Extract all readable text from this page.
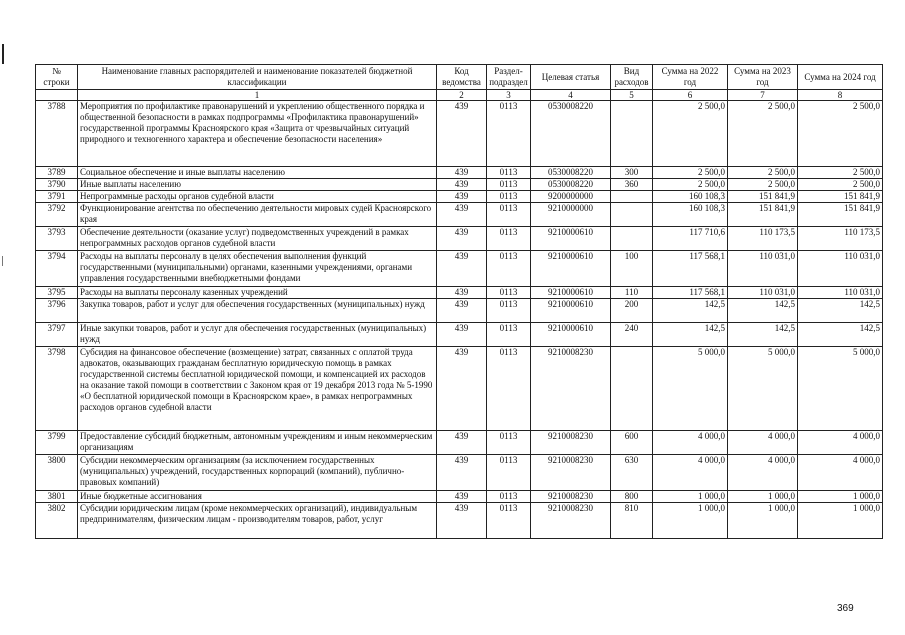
№ строки	Наименование главных распорядителей и наименование показателей бюджетной классификации	Код ведомства	Раздел-подраздел	Целевая статья	Вид расходов	Сумма на 2022 год	Сумма на 2023 год	Сумма на 2024 год
	1	2	3	4	5	6	7	8
3788	Мероприятия по профилактике правонарушений и укреплению общественного порядка и общественной безопасности в рамках подпрограммы «Профилактика правонарушений» государственной программы Красноярского края «Защита от чрезвычайных ситуаций природного и техногенного характера и обеспечение безопасности населения»	439	0113	0530008220		2 500,0	2 500,0	2 500,0
3789	Социальное обеспечение и иные выплаты населению	439	0113	0530008220	300	2 500,0	2 500,0	2 500,0
3790	Иные выплаты населению	439	0113	0530008220	360	2 500,0	2 500,0	2 500,0
3791	Непрограммные расходы органов судебной власти	439	0113	9200000000		160 108,3	151 841,9	151 841,9
3792	Функционирование агентства по обеспечению деятельности мировых судей Красноярского края	439	0113	9210000000		160 108,3	151 841,9	151 841,9
3793	Обеспечение деятельности (оказание услуг) подведомственных учреждений в рамках непрограммных расходов органов судебной власти	439	0113	9210000610		117 710,6	110 173,5	110 173,5
3794	Расходы на выплаты персоналу в целях обеспечения выполнения функций государственными (муниципальными) органами, казенными учреждениями, органами управления государственными внебюджетными фондами	439	0113	9210000610	100	117 568,1	110 031,0	110 031,0
3795	Расходы на выплаты персоналу казенных учреждений	439	0113	9210000610	110	117 568,1	110 031,0	110 031,0
3796	Закупка товаров, работ и услуг для обеспечения государственных (муниципальных) нужд	439	0113	9210000610	200	142,5	142,5	142,5
3797	Иные закупки товаров, работ и услуг для обеспечения государственных (муниципальных) нужд	439	0113	9210000610	240	142,5	142,5	142,5
3798	Субсидия на финансовое обеспечение (возмещение) затрат, связанных с оплатой труда адвокатов, оказывающих гражданам бесплатную юридическую помощь в рамках государственной системы бесплатной юридической помощи, и компенсацией их расходов на оказание такой помощи в соответствии с Законом края от 19 декабря 2013 года № 5-1990 «О бесплатной юридической помощи в Красноярском крае», в рамках непрограммных расходов органов судебной власти	439	0113	9210008230		5 000,0	5 000,0	5 000,0
3799	Предоставление субсидий бюджетным, автономным учреждениям и иным некоммерческим организациям	439	0113	9210008230	600	4 000,0	4 000,0	4 000,0
3800	Субсидии некоммерческим организациям (за исключением государственных (муниципальных) учреждений, государственных корпораций (компаний), публично-правовых компаний)	439	0113	9210008230	630	4 000,0	4 000,0	4 000,0
3801	Иные бюджетные ассигнования	439	0113	9210008230	800	1 000,0	1 000,0	1 000,0
3802	Субсидии юридическим лицам (кроме некоммерческих организаций), индивидуальным предпринимателям, физическим лицам - производителям товаров, работ, услуг	439	0113	9210008230	810	1 000,0	1 000,0	1 000,0
369
